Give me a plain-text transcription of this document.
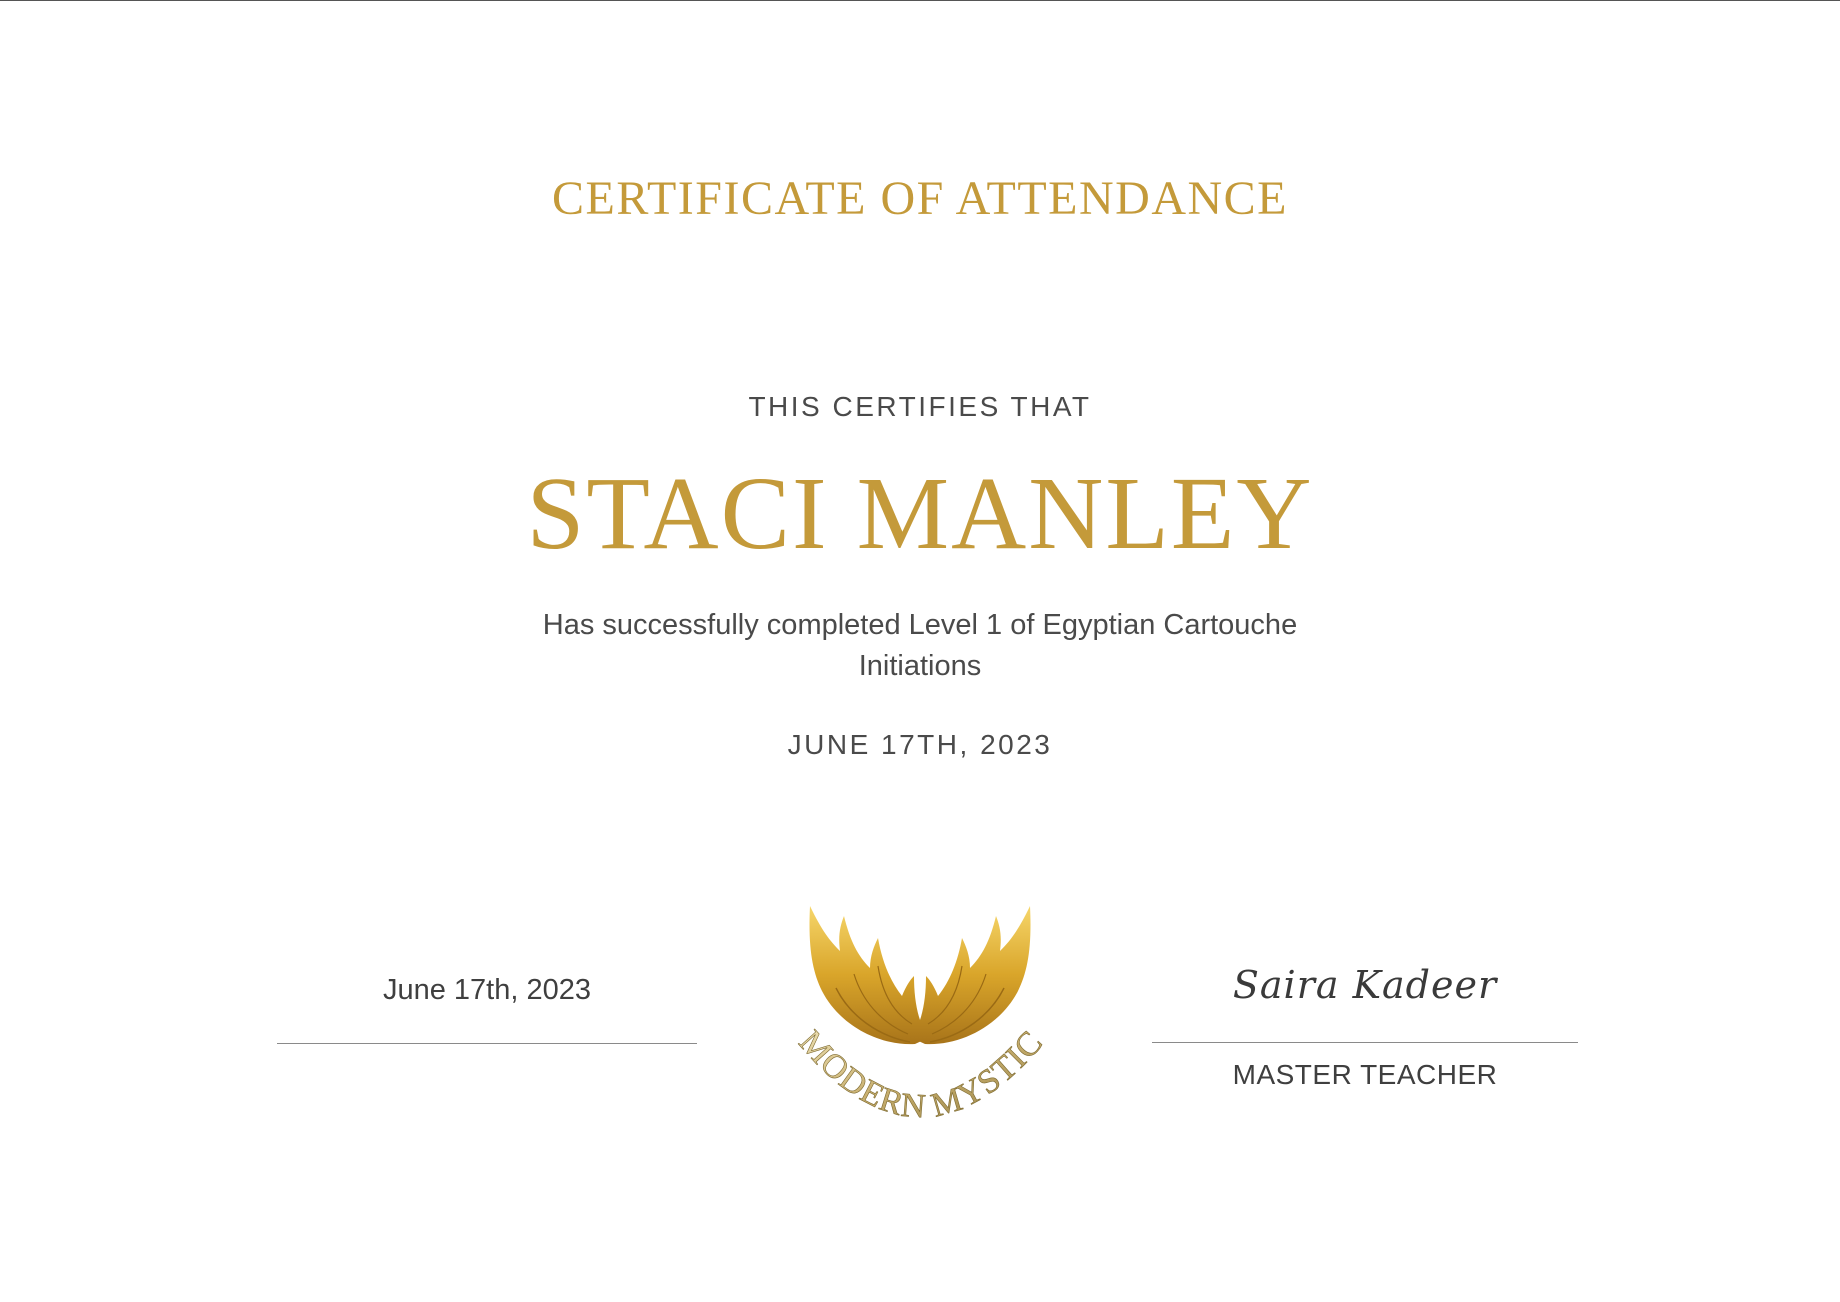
CERTIFICATE OF ATTENDANCE
THIS CERTIFIES THAT
STACI MANLEY
Has successfully completed Level 1 of Egyptian Cartouche
Initiations
JUNE 17TH, 2023
June 17th, 2023	Saira Kadeer
MASTER TEACHER
MODERN MYSTIC
